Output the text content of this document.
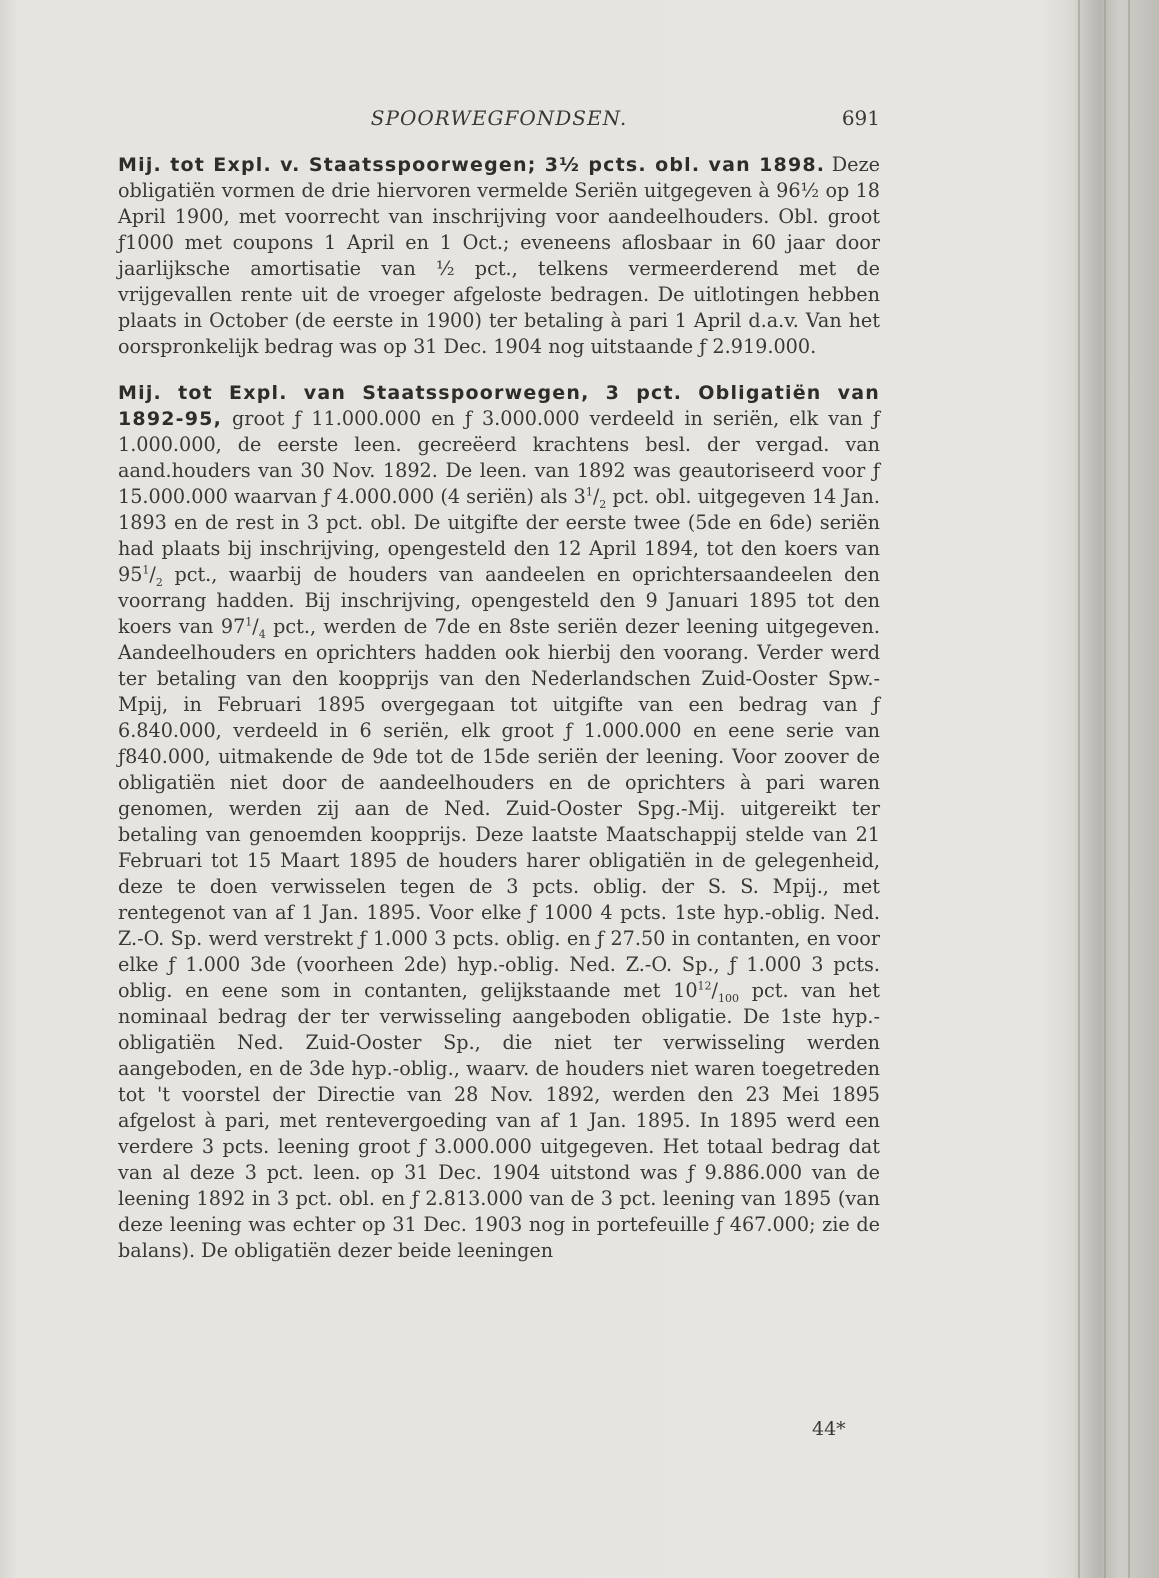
SPOORWEGFONDSEN.	691

Mij. tot Expl. v. Staatsspoorwegen; 3½ pcts. obl. van 1898. Deze obligatiën vormen de drie hiervoren vermelde Seriën uitgegeven à 96½ op 18 April 1900, met voorrecht van inschrijving voor aandeelhouders. Obl. groot ƒ1000 met coupons 1 April en 1 Oct.; eveneens aflosbaar in 60 jaar door jaarlijksche amortisatie van ½ pct., telkens vermeerderend met de vrijgevallen rente uit de vroeger afgeloste bedragen. De uitlotingen hebben plaats in October (de eerste in 1900) ter betaling à pari 1 April d.a.v. Van het oorspronkelijk bedrag was op 31 Dec. 1904 nog uitstaande ƒ 2.919.000.

Mij. tot Expl. van Staatsspoorwegen, 3 pct. Obligatiën van 1892-95, groot ƒ 11.000.000 en ƒ 3.000.000 verdeeld in seriën, elk van ƒ 1.000.000, de eerste leen. gecreëerd krachtens besl. der vergad. van aand.houders van 30 Nov. 1892. De leen. van 1892 was geautoriseerd voor ƒ 15.000.000 waarvan ƒ 4.000.000 (4 seriën) als $3^1/_2$ pct. obl. uitgegeven 14 Jan. 1893 en de rest in 3 pct. obl. De uitgifte der eerste twee (5de en 6de) seriën had plaats bij inschrijving, opengesteld den 12 April 1894, tot den koers van $95^1/_2$ pct., waarbij de houders van aandeelen en oprichtersaandeelen den voorrang hadden. Bij inschrijving, opengesteld den 9 Januari 1895 tot den koers van $97^1/_4$ pct., werden de 7de en 8ste seriën dezer leening uitgegeven. Aandeelhouders en oprichters hadden ook hierbij den voorang. Verder werd ter betaling van den koopprijs van den Nederlandschen Zuid-Ooster Spw.-Mpij, in Februari 1895 overgegaan tot uitgifte van een bedrag van ƒ 6.840.000, verdeeld in 6 seriën, elk groot ƒ 1.000.000 en eene serie van ƒ840.000, uitmakende de 9de tot de 15de seriën der leening. Voor zoover de obligatiën niet door de aandeelhouders en de oprichters à pari waren genomen, werden zij aan de Ned. Zuid-Ooster Spg.-Mij. uitgereikt ter betaling van genoemden koopprijs. Deze laatste Maatschappij stelde van 21 Februari tot 15 Maart 1895 de houders harer obligatiën in de gelegenheid, deze te doen verwisselen tegen de 3 pcts. oblig. der S. S. Mpij., met rentegenot van af 1 Jan. 1895. Voor elke ƒ 1000 4 pcts. 1ste hyp.-oblig. Ned. Z.-O. Sp. werd verstrekt ƒ 1.000 3 pcts. oblig. en ƒ 27.50 in contanten, en voor elke ƒ 1.000 3de (voorheen 2de) hyp.-oblig. Ned. Z.-O. Sp., ƒ 1.000 3 pcts. oblig. en eene som in contanten, gelijkstaande met $10^{12}/_{100}$ pct. van het nominaal bedrag der ter verwisseling aangeboden obligatie. De 1ste hyp.-obligatiën Ned. Zuid-Ooster Sp., die niet ter verwisseling werden aangeboden, en de 3de hyp.-oblig., waarv. de houders niet waren toegetreden tot 't voorstel der Directie van 28 Nov. 1892, werden den 23 Mei 1895 afgelost à pari, met rentevergoeding van af 1 Jan. 1895. In 1895 werd een verdere 3 pcts. leening groot ƒ 3.000.000 uitgegeven. Het totaal bedrag dat van al deze 3 pct. leen. op 31 Dec. 1904 uitstond was ƒ 9.886.000 van de leening 1892 in 3 pct. obl. en ƒ 2.813.000 van de 3 pct. leening van 1895 (van deze leening was echter op 31 Dec. 1903 nog in portefeuille ƒ 467.000; zie de balans). De obligatiën dezer beide leeningen

44*
